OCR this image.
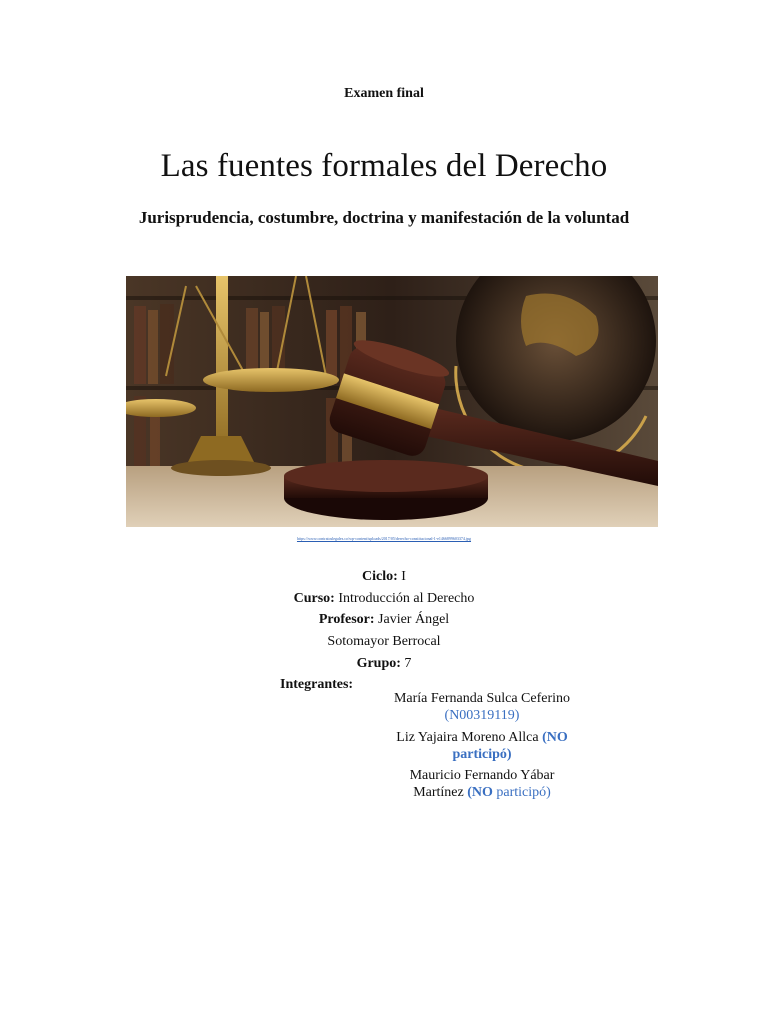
Examen final
Las fuentes formales del Derecho
Jurisprudencia, costumbre, doctrina y manifestación de la voluntad
https://www.contratoslegales.co/wp-content/uploads/2017/05/derecho-constitucional-1-e1466899603374.jpg
Ciclo: I
Curso: Introducción al Derecho
Profesor: Javier Ángel
Sotomayor Berrocal
Grupo: 7
Integrantes:
María Fernanda Sulca Ceferino
(N00319119)
Liz Yajaira Moreno Allca (NO
participó)
Mauricio Fernando Yábar
Martínez (NO participó)
